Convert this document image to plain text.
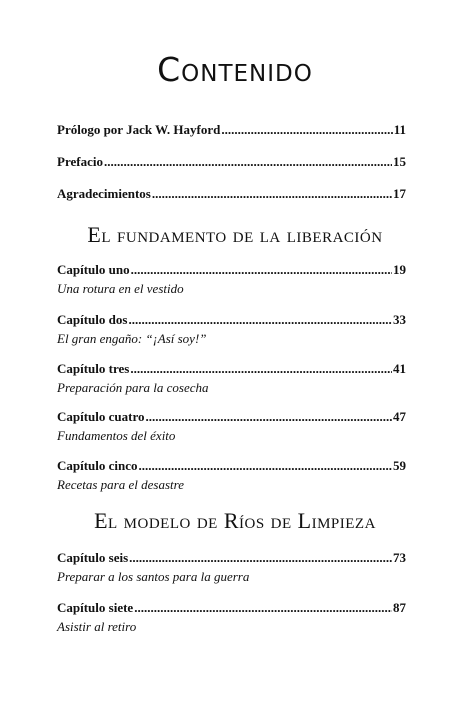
Contenido
Prólogo por Jack W. Hayford .....	11
Prefacio .....	15
Agradecimientos .....	17
El fundamento de la liberación
Capítulo uno .....	19
Una rotura en el vestido
Capítulo dos .....	33
El gran engaño: “¡Así soy!”
Capítulo tres .....	41
Preparación para la cosecha
Capítulo cuatro .....	47
Fundamentos del éxito
Capítulo cinco .....	59
Recetas para el desastre
El modelo de Ríos de Limpieza
Capítulo seis .....	73
Preparar a los santos para la guerra
Capítulo siete .....	87
Asistir al retiro
